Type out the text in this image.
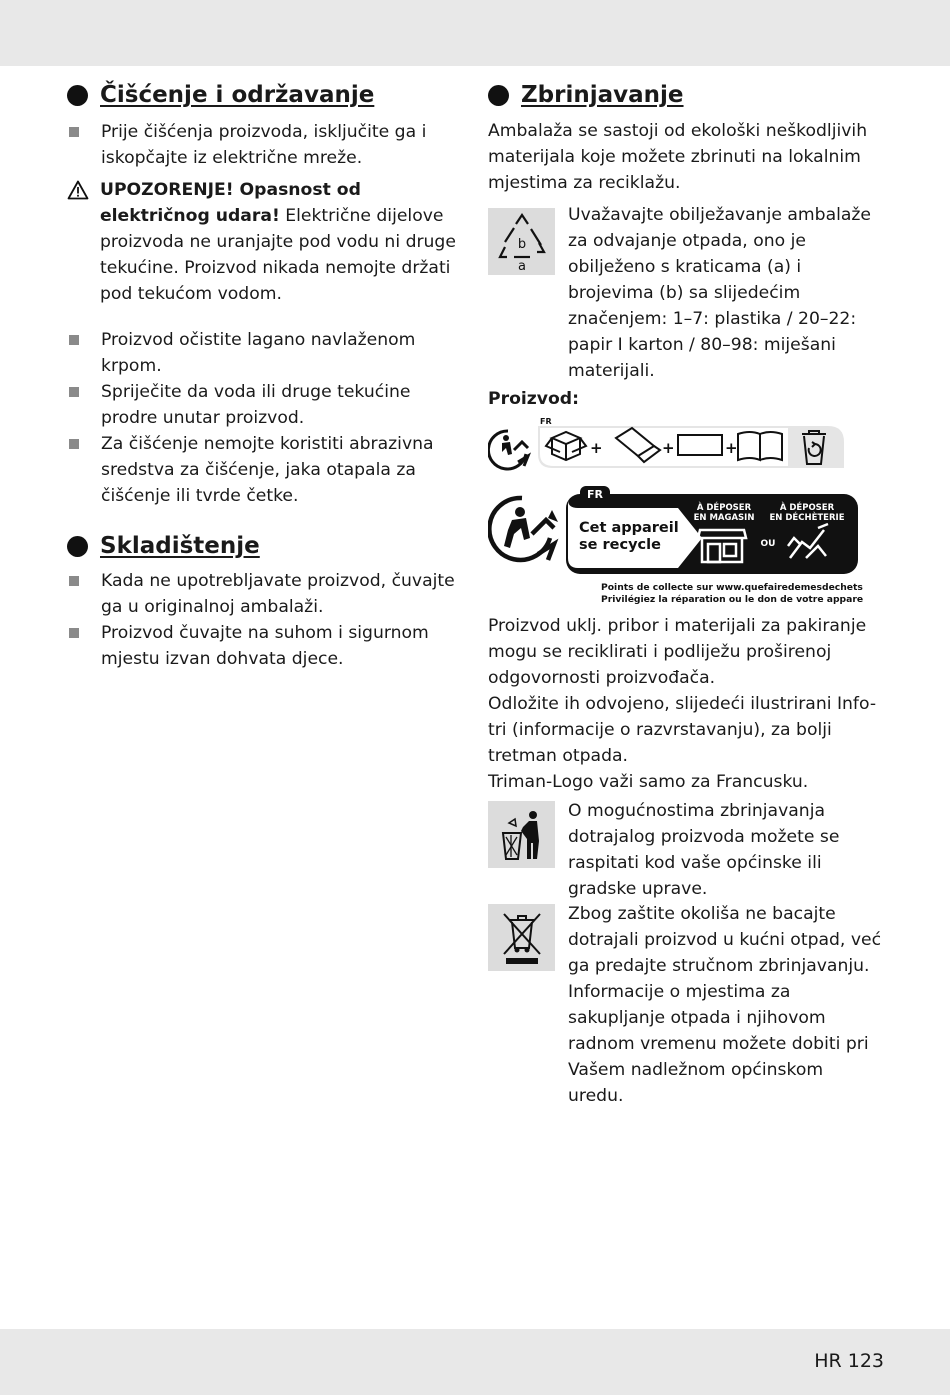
Čišćenje i održavanje
Prije čišćenja proizvoda, isključite ga i iskopčajte iz električne mreže.
UPOZORENJE! Opasnost od električnog udara! Električne dijelove proizvoda ne uranjajte pod vodu ni druge tekućine. Proizvod nikada nemojte držati pod tekućom vodom.
Proizvod očistite lagano navlaženom krpom.
Spriječite da voda ili druge tekućine prodre unutar proizvod.
Za čišćenje nemojte koristiti abrazivna sredstva za čišćenje, jaka otapala za čišćenje ili tvrde četke.
Skladištenje
Kada ne upotrebljavate proizvod, čuvajte ga u originalnoj ambalaži.
Proizvod čuvajte na suhom i sigurnom mjestu izvan dohvata djece.
Zbrinjavanje

Ambalaža se sastoji od ekološki neškodljivih materijala koje možete zbrinuti na lokalnim mjestima za reciklažu.

b
a

Uvažavajte obilježavanje ambalaže za odvajanje otpada, ono je obilježeno s kraticama (a) i brojevima (b) sa slijedećim značenjem: 1–7: plastika / 20–22: papir I karton / 80–98: miješani materijali.

Proizvod:
FR
+	+	+
FR
Cet appareil
se recycle
À DÉPOSER
EN MAGASIN
À DÉPOSER
EN DÉCHÈTERIE
OU
Points de collecte sur www.quefairedemesdechets.fr
Privilégiez la réparation ou le don de votre appareil !

Proizvod uklj. pribor i materijali za pakiranje mogu se reciklirati i podliježu proširenoj odgovornosti proizvođača.

Odložite ih odvojeno, slijedeći ilustrirani Info-tri (informacije o razvrstavanju), za bolji tretman otpada.

Triman-Logo važi samo za Francusku.

O mogućnostima zbrinjavanja dotrajalog proizvoda možete se raspitati kod vaše općinske ili gradske uprave.

Zbog zaštite okoliša ne bacajte dotrajali proizvod u kućni otpad, već ga predajte stručnom zbrinjavanju. Informacije o mjestima za sakupljanje otpada i njihovom radnom vremenu možete dobiti pri Vašem nadležnom općinskom uredu.

HR 123
